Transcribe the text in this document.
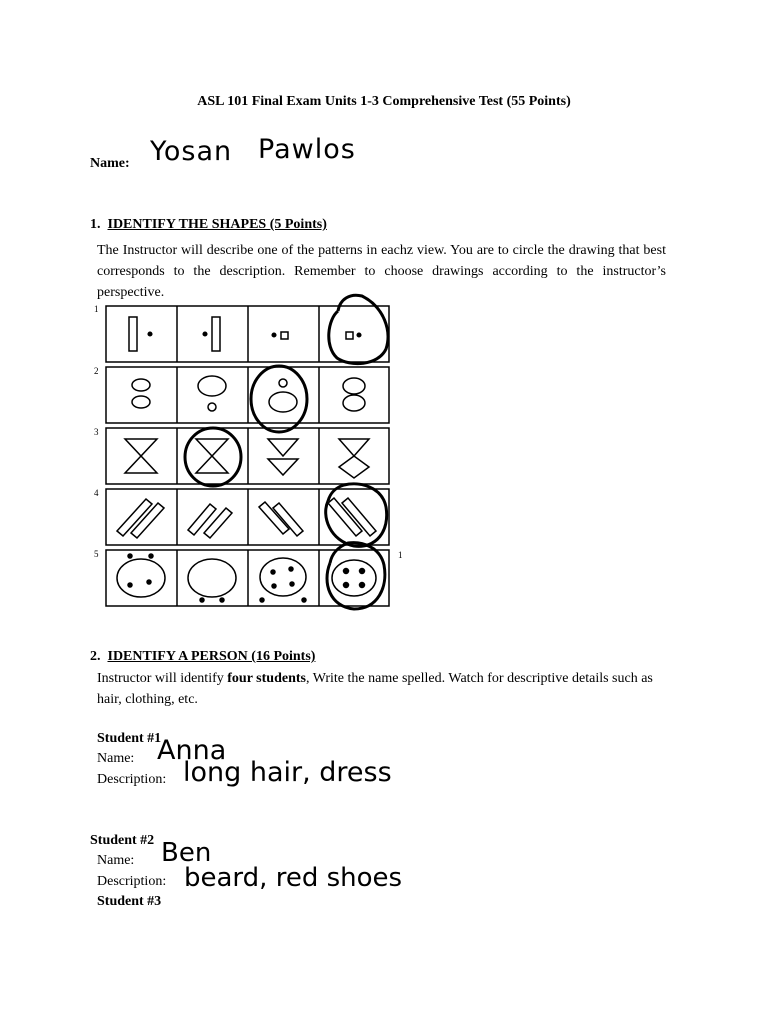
ASL 101 Final Exam Units 1-3 Comprehensive Test (55 Points)
Name: Yosan Pawlos
1. IDENTIFY THE SHAPES (5 Points)
The Instructor will describe one of the patterns in eachz view. You are to circle the drawing that best corresponds to the description. Remember to choose drawings according to the instructor’s perspective.
1
2
3
4
5	1
2. IDENTIFY A PERSON (16 Points)
Instructor will identify four students, Write the name spelled. Watch for descriptive details such as hair, clothing, etc.
Student #1
Name: Anna
Description: long hair, dress
Student #2
Name: Ben
Description: beard, red shoes
Student #3
